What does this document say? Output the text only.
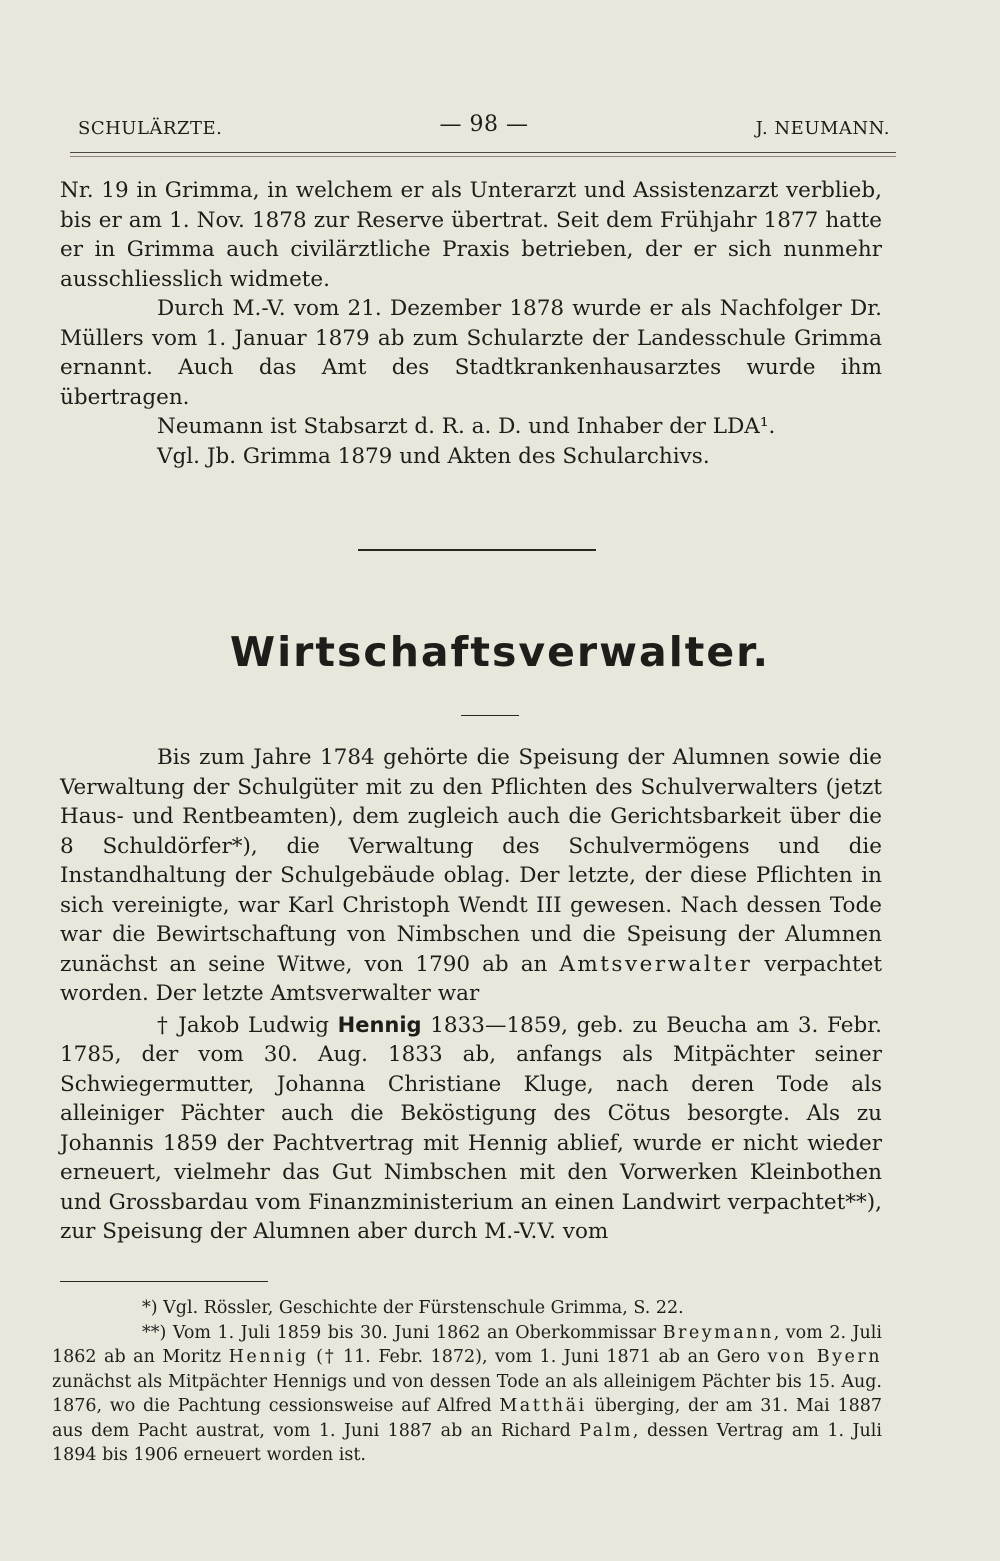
SCHULÄRZTE.	— 98 —	J. NEUMANN.

Nr. 19 in Grimma, in welchem er als Unterarzt und Assistenzarzt verblieb, bis er am 1. Nov. 1878 zur Reserve übertrat. Seit dem Frühjahr 1877 hatte er in Grimma auch civilärztliche Praxis betrieben, der er sich nunmehr ausschliesslich widmete.

Durch M.-V. vom 21. Dezember 1878 wurde er als Nachfolger Dr. Müllers vom 1. Januar 1879 ab zum Schularzte der Landesschule Grimma ernannt. Auch das Amt des Stadtkrankenhausarztes wurde ihm übertragen.

Neumann ist Stabsarzt d. R. a. D. und Inhaber der LDA¹.

Vgl. Jb. Grimma 1879 und Akten des Schularchivs.

Wirtschaftsverwalter.

Bis zum Jahre 1784 gehörte die Speisung der Alumnen sowie die Verwaltung der Schulgüter mit zu den Pflichten des Schulverwalters (jetzt Haus- und Rentbeamten), dem zugleich auch die Gerichtsbarkeit über die 8 Schuldörfer*), die Verwaltung des Schulvermögens und die Instandhaltung der Schulgebäude oblag. Der letzte, der diese Pflichten in sich vereinigte, war Karl Christoph Wendt III gewesen. Nach dessen Tode war die Bewirtschaftung von Nimbschen und die Speisung der Alumnen zunächst an seine Witwe, von 1790 ab an Amtsverwalter verpachtet worden. Der letzte Amtsverwalter war

† Jakob Ludwig Hennig 1833—1859, geb. zu Beucha am 3. Febr. 1785, der vom 30. Aug. 1833 ab, anfangs als Mitpächter seiner Schwiegermutter, Johanna Christiane Kluge, nach deren Tode als alleiniger Pächter auch die Beköstigung des Cötus besorgte. Als zu Johannis 1859 der Pachtvertrag mit Hennig ablief, wurde er nicht wieder erneuert, vielmehr das Gut Nimbschen mit den Vorwerken Kleinbothen und Grossbardau vom Finanzministerium an einen Landwirt verpachtet**), zur Speisung der Alumnen aber durch M.-V.V. vom

*) Vgl. Rössler, Geschichte der Fürstenschule Grimma, S. 22.

**) Vom 1. Juli 1859 bis 30. Juni 1862 an Oberkommissar Breymann, vom 2. Juli 1862 ab an Moritz Hennig († 11. Febr. 1872), vom 1. Juni 1871 ab an Gero von Byern zunächst als Mitpächter Hennigs und von dessen Tode an als alleinigem Pächter bis 15. Aug. 1876, wo die Pachtung cessionsweise auf Alfred Matthäi überging, der am 31. Mai 1887 aus dem Pacht austrat, vom 1. Juni 1887 ab an Richard Palm, dessen Vertrag am 1. Juli 1894 bis 1906 erneuert worden ist.
